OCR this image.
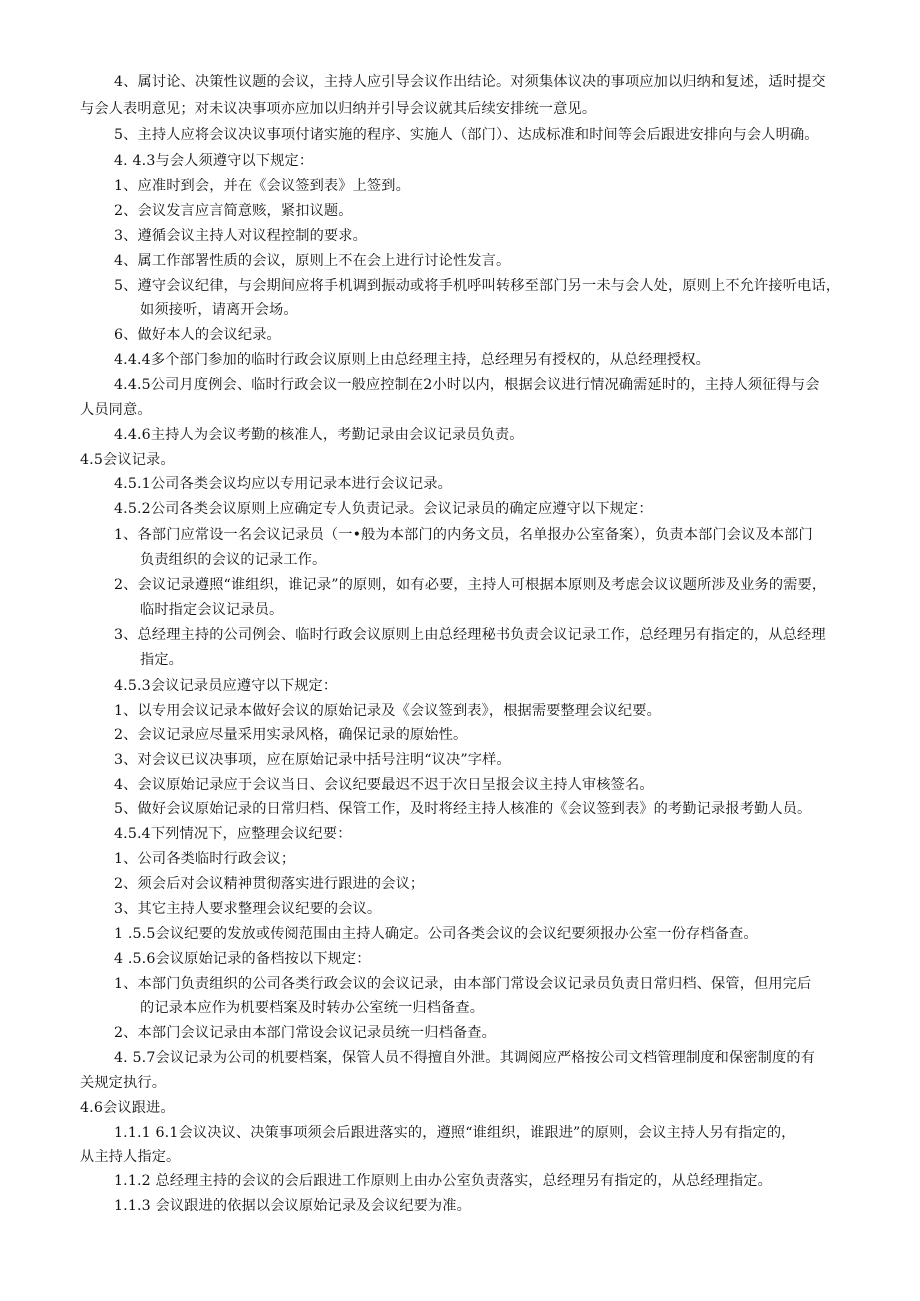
4、属讨论、决策性议题的会议，主持人应引导会议作出结论。对须集体议决的事项应加以归纳和复述，适时提交
与会人表明意见；对未议决事项亦应加以归纳并引导会议就其后续安排统一意见。
5、主持人应将会议决议事项付诸实施的程序、实施人（部门）、达成标准和时间等会后跟进安排向与会人明确。
4. 4.3与会人须遵守以下规定：
1、应准时到会，并在《会议签到表》上签到。
2、会议发言应言简意赅，紧扣议题。
3、遵循会议主持人对议程控制的要求。
4、属工作部署性质的会议，原则上不在会上进行讨论性发言。
5、遵守会议纪律，与会期间应将手机调到振动或将手机呼叫转移至部门另一未与会人处，原则上不允许接听电话，
如须接听，请离开会场。
6、做好本人的会议纪录。
4.4.4多个部门参加的临时行政会议原则上由总经理主持，总经理另有授权的，从总经理授权。
4.4.5公司月度例会、临时行政会议一般应控制在2小时以内，根据会议进行情况确需延时的，主持人须征得与会
人员同意。
4.4.6主持人为会议考勤的核准人，考勤记录由会议记录员负责。
4.5会议记录。
4.5.1公司各类会议均应以专用记录本进行会议记录。
4.5.2公司各类会议原则上应确定专人负责记录。会议记录员的确定应遵守以下规定：
1、各部门应常设一名会议记录员（一•般为本部门的内务文员，名单报办公室备案），负责本部门会议及本部门
负责组织的会议的记录工作。
2、会议记录遵照“谁组织，谁记录”的原则，如有必要，主持人可根据本原则及考虑会议议题所涉及业务的需要，
临时指定会议记录员。
3、总经理主持的公司例会、临时行政会议原则上由总经理秘书负责会议记录工作，总经理另有指定的，从总经理
指定。
4.5.3会议记录员应遵守以下规定：
1、以专用会议记录本做好会议的原始记录及《会议签到表》，根据需要整理会议纪要。
2、会议记录应尽量采用实录风格，确保记录的原始性。
3、对会议已议决事项，应在原始记录中括号注明“议决”字样。
4、会议原始记录应于会议当日、会议纪要最迟不迟于次日呈报会议主持人审核签名。
5、做好会议原始记录的日常归档、保管工作，及时将经主持人核准的《会议签到表》的考勤记录报考勤人员。
4.5.4下列情况下，应整理会议纪要：
1、公司各类临时行政会议；
2、须会后对会议精神贯彻落实进行跟进的会议；
3、其它主持人要求整理会议纪要的会议。
1 .5.5会议纪要的发放或传阅范围由主持人确定。公司各类会议的会议纪要须报办公室一份存档备查。
4 .5.6会议原始记录的备档按以下规定：
1、本部门负责组织的公司各类行政会议的会议记录，由本部门常设会议记录员负责日常归档、保管，但用完后
的记录本应作为机要档案及时转办公室统一归档备查。
2、本部门会议记录由本部门常设会议记录员统一归档备查。
4. 5.7会议记录为公司的机要档案，保管人员不得擅自外泄。其调阅应严格按公司文档管理制度和保密制度的有
关规定执行。
4.6会议跟进。
1.1.1 6.1会议决议、决策事项须会后跟进落实的，遵照“谁组织，谁跟进”的原则，会议主持人另有指定的，
从主持人指定。
1.1.2 总经理主持的会议的会后跟进工作原则上由办公室负责落实，总经理另有指定的，从总经理指定。
1.1.3 会议跟进的依据以会议原始记录及会议纪要为准。
